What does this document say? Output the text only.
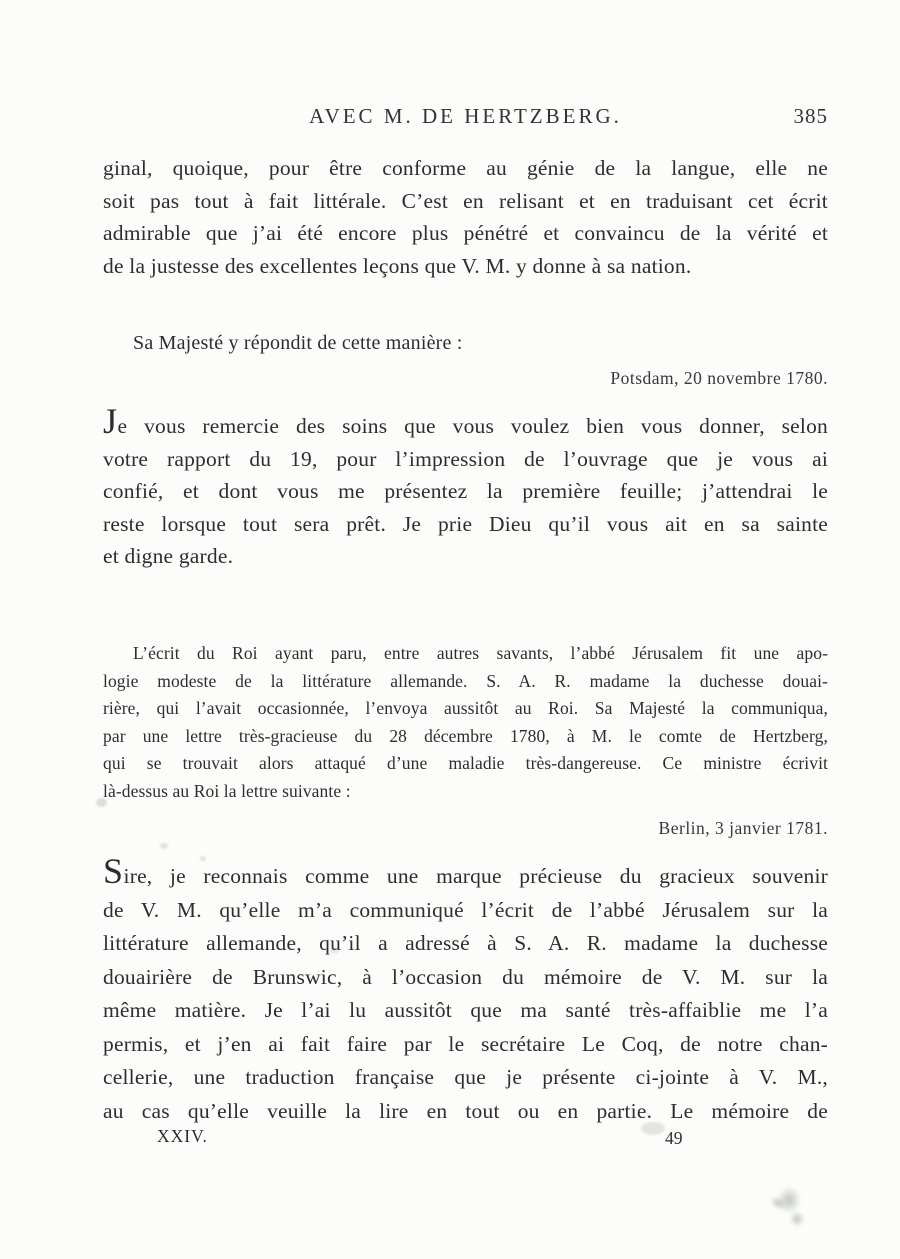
AVEC M. DE HERTZBERG.	385
ginal, quoique, pour être conforme au génie de la langue, elle ne
soit pas tout à fait littérale. C’est en relisant et en traduisant cet écrit
admirable que j’ai été encore plus pénétré et convaincu de la vérité et
de la justesse des excellentes leçons que V. M. y donne à sa nation.
Sa Majesté y répondit de cette manière :
Potsdam, 20 novembre 1780.
Je vous remercie des soins que vous voulez bien vous donner, selon
votre rapport du 19, pour l’impression de l’ouvrage que je vous ai
confié, et dont vous me présentez la première feuille; j’attendrai le
reste lorsque tout sera prêt. Je prie Dieu qu’il vous ait en sa sainte
et digne garde.
L’écrit du Roi ayant paru, entre autres savants, l’abbé Jérusalem fit une apo-
logie modeste de la littérature allemande. S. A. R. madame la duchesse douai-
rière, qui l’avait occasionnée, l’envoya aussitôt au Roi. Sa Majesté la communiqua,
par une lettre très-gracieuse du 28 décembre 1780, à M. le comte de Hertzberg,
qui se trouvait alors attaqué d’une maladie très-dangereuse. Ce ministre écrivit
là-dessus au Roi la lettre suivante :
Berlin, 3 janvier 1781.
Sire, je reconnais comme une marque précieuse du gracieux souvenir
de V. M. qu’elle m’a communiqué l’écrit de l’abbé Jérusalem sur la
littérature allemande, qu’il a adressé à S. A. R. madame la duchesse
douairière de Brunswic, à l’occasion du mémoire de V. M. sur la
même matière. Je l’ai lu aussitôt que ma santé très-affaiblie me l’a
permis, et j’en ai fait faire par le secrétaire Le Coq, de notre chan-
cellerie, une traduction française que je présente ci-jointe à V. M.,
au cas qu’elle veuille la lire en tout ou en partie. Le mémoire de
XXIV.	49
